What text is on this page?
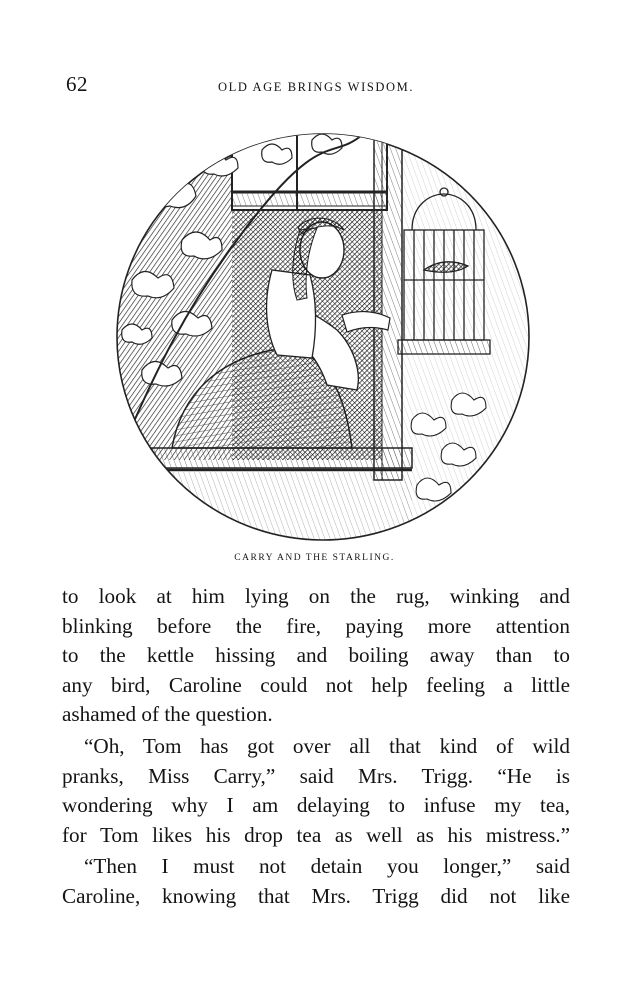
62	OLD AGE BRINGS WISDOM.
CARRY AND THE STARLING.
to look at him lying on the rug, winking and
blinking before the fire, paying more attention
to the kettle hissing and boiling away than to
any bird, Caroline could not help feeling a little
ashamed of the question.
“Oh, Tom has got over all that kind of wild
pranks, Miss Carry,” said Mrs. Trigg. “He is
wondering why I am delaying to infuse my tea,
for Tom likes his drop tea as well as his mistress.”
“Then I must not detain you longer,” said
Caroline, knowing that Mrs. Trigg did not like
